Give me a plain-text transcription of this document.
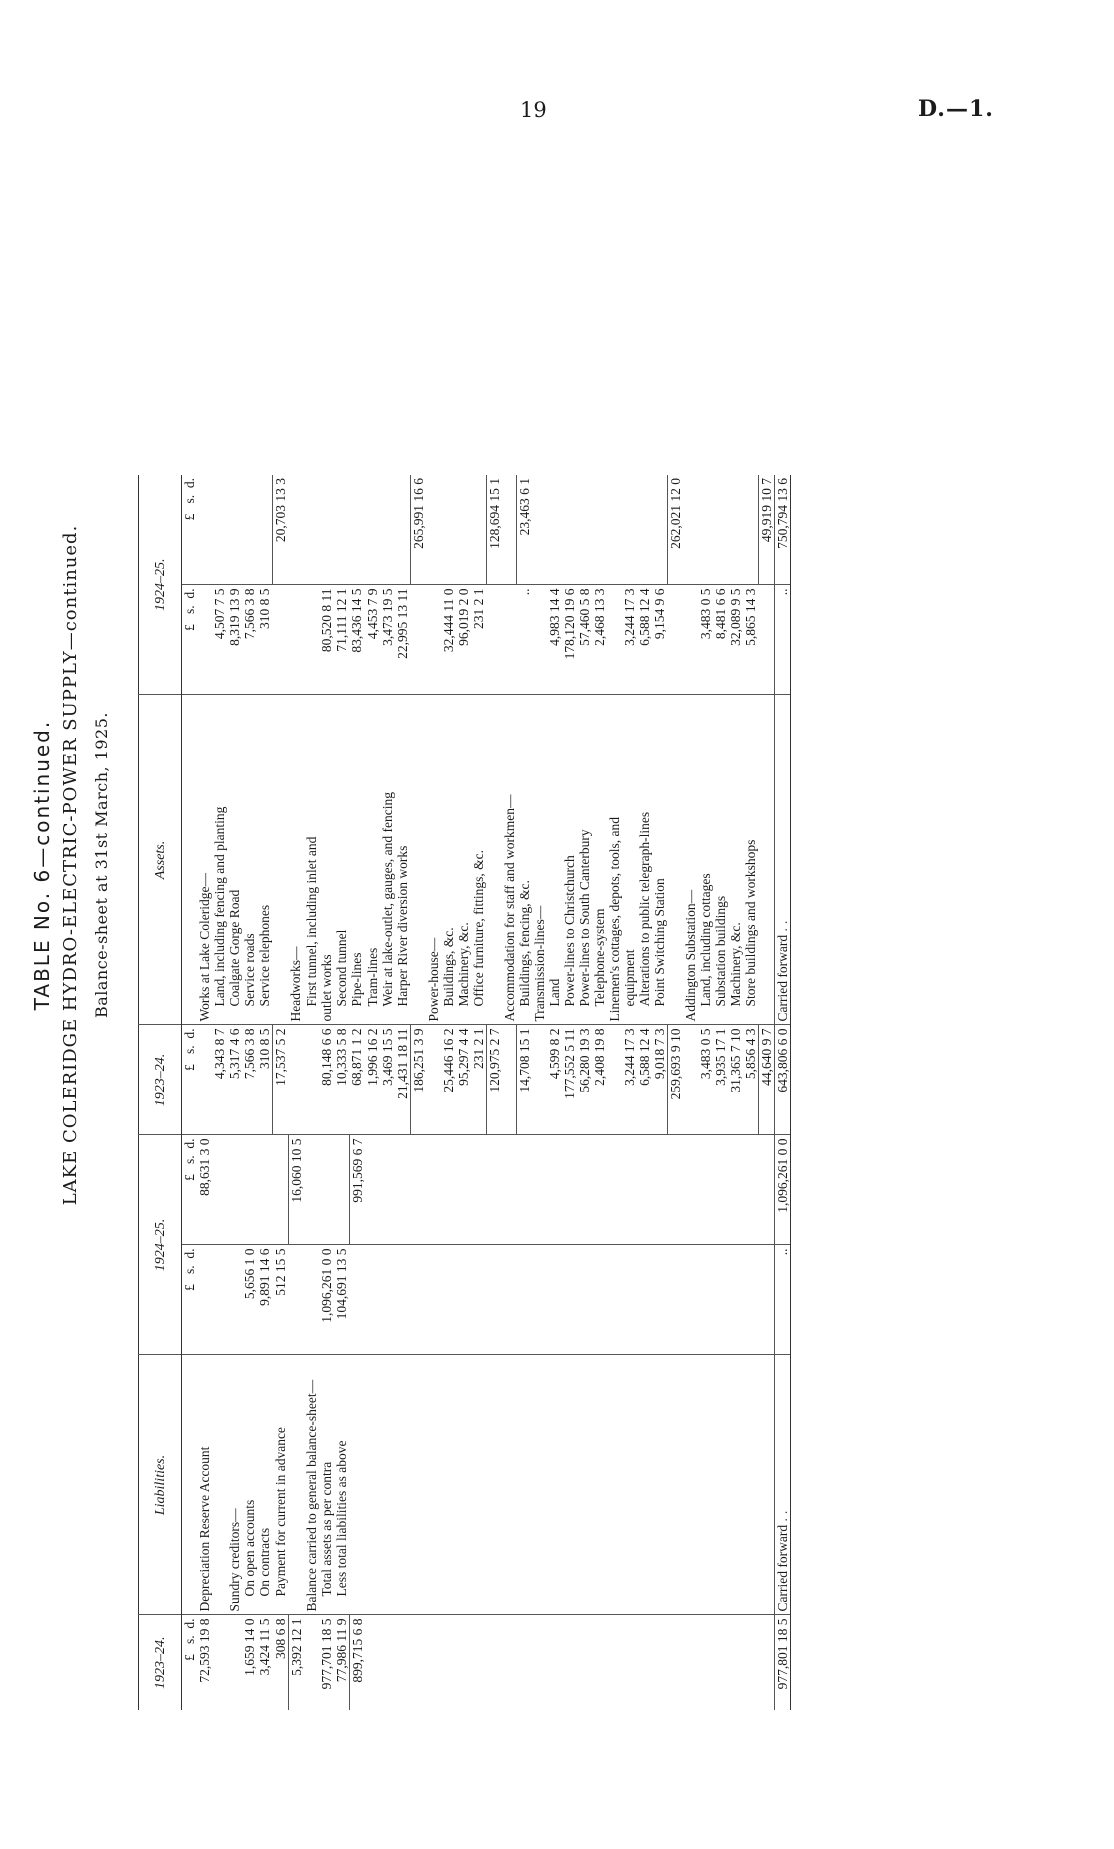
19	D.—1.
TABLE No. 6—continued. LAKE COLERIDGE HYDRO-ELECTRIC-POWER SUPPLY—continued. Balance-sheet at 31st March, 1925.
1923–24.	Liabilities.	1924–25.		1923–24.	Assets.	1924–25.	
£   s.  d.		£   s.  d.	£   s.  d.	£   s.  d.		£   s.  d.	£   s.  d.
72,593 19 8	Depreciation Reserve Account		88,631 3 0		Works at Lake Coleridge—		
				4,343 8 7	Land, including fencing and planting	4,507 7 5	
	Sundry creditors—			5,317 4 6	Coalgate Gorge Road	8,319 13 9	
1,659 14 0	On open accounts	5,656 1 0		7,566 3 8	Service roads	7,566 3 8	
3,424 11 5	On contracts	9,891 14 6		310 8 5	Service telephones	310 8 5	
308 6 8	Payment for current in advance	512 15 5		17,537 5 2			20,703 13 3
5,392 12 1			16,060 10 5		Headworks—		
	Balance carried to general balance-sheet—				First tunnel, including inlet and		
977,701 18 5	Total assets as per contra	1,096,261 0 0		80,148 6 6	outlet works	80,520 8 11	
77,986 11 9	Less total liabilities as above	104,691 13 5		10,333 5 8	Second tunnel	71,111 12 1	
899,715 6 8			991,569 6 7	68,871 1 2	Pipe-lines	83,436 14 5	
				1,996 16 2	Tram-lines	4,453 7 9	
				3,469 15 5	Weir at lake-outlet, gauges, and fencing	3,473 19 5	
				21,431 18 11	Harper River diversion works	22,995 13 11	
				186,251 3 9			265,991 16 6
					Power-house—		
				25,446 16 2	Buildings, &c.	32,444 11 0	
				95,297 4 4	Machinery, &c.	96,019 2 0	
				231 2 1	Office furniture, fittings, &c.	231 2 1	
				120,975 2 7			128,694 15 1
					Accommodation for staff and workmen—		
				14,708 15 1	Buildings, fencing, &c.	..	23,463 6 1

					Transmission-lines—		
				4,599 8 2	Land	4,983 14 4	
				177,552 5 11	Power-lines to Christchurch	178,120 19 6	
				56,280 19 3	Power-lines to South Canterbury	57,460 5 8	
				2,408 19 8	Telephone-system	2,468 13 3	
					Linemen's cottages, depots, tools, and		
				3,244 17 3	equipment	3,244 17 3	
				6,588 12 4	Alterations to public telegraph-lines	6,588 12 4	
				9,018 7 3	Point Switching Station	9,154 9 6	
				259,693 9 10			262,021 12 0
					Addington Substation—		
				3,483 0 5	Land, including cottages	3,483 0 5	
				3,935 17 1	Substation buildings	8,481 6 6	
				31,365 7 10	Machinery, &c.	32,089 9 5	
				5,856 4 3	Store buildings and workshops	5,865 14 3	
				44,640 9 7			49,919 10 7
977,801 18 5	Carried forward ..	..	1,096,261 0 0	643,806 6 0	Carried forward ..	..	750,794 13 6
